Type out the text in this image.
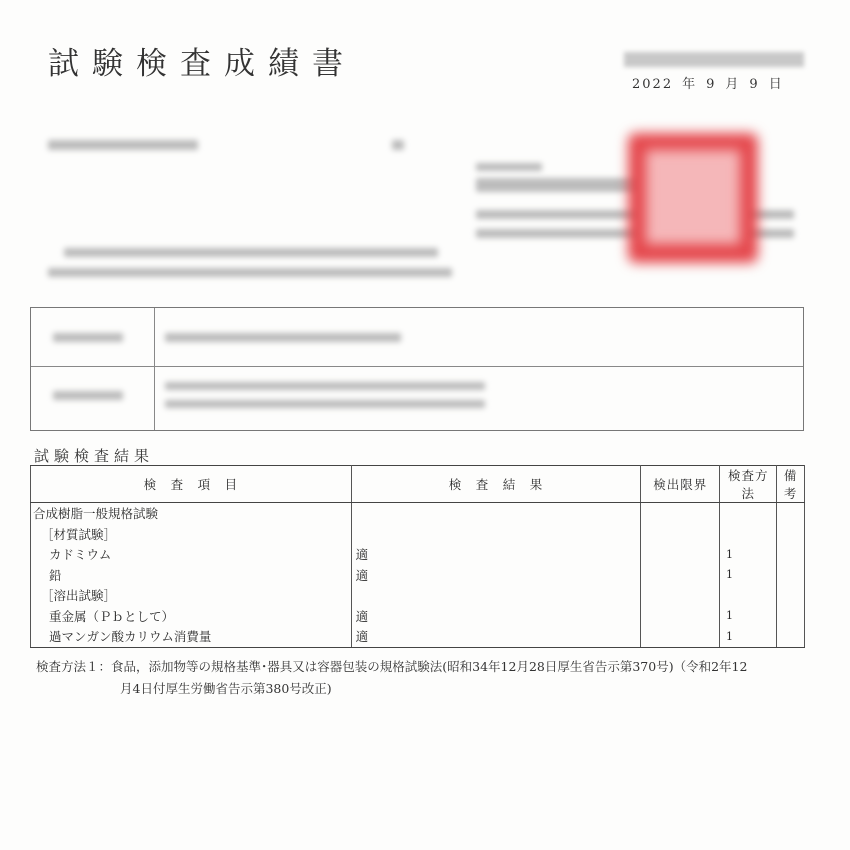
試験検査成績書
2022 年 9 月 9 日
試験検査結果
検　査　項　目	検　査　結　果	検出限界	検査方法	備考
合成樹脂一般規格試験				
［材質試験］				
カドミウム	適		1	
鉛	適		1	
［溶出試験］				
重金属（Ｐｂとして）	適		1	
過マンガン酸カリウム消費量	適		1	
検査方法１：食品，添加物等の規格基準･器具又は容器包装の規格試験法(昭和34年12月28日厚生省告示第370号)（令和2年12
月4日付厚生労働省告示第380号改正)
